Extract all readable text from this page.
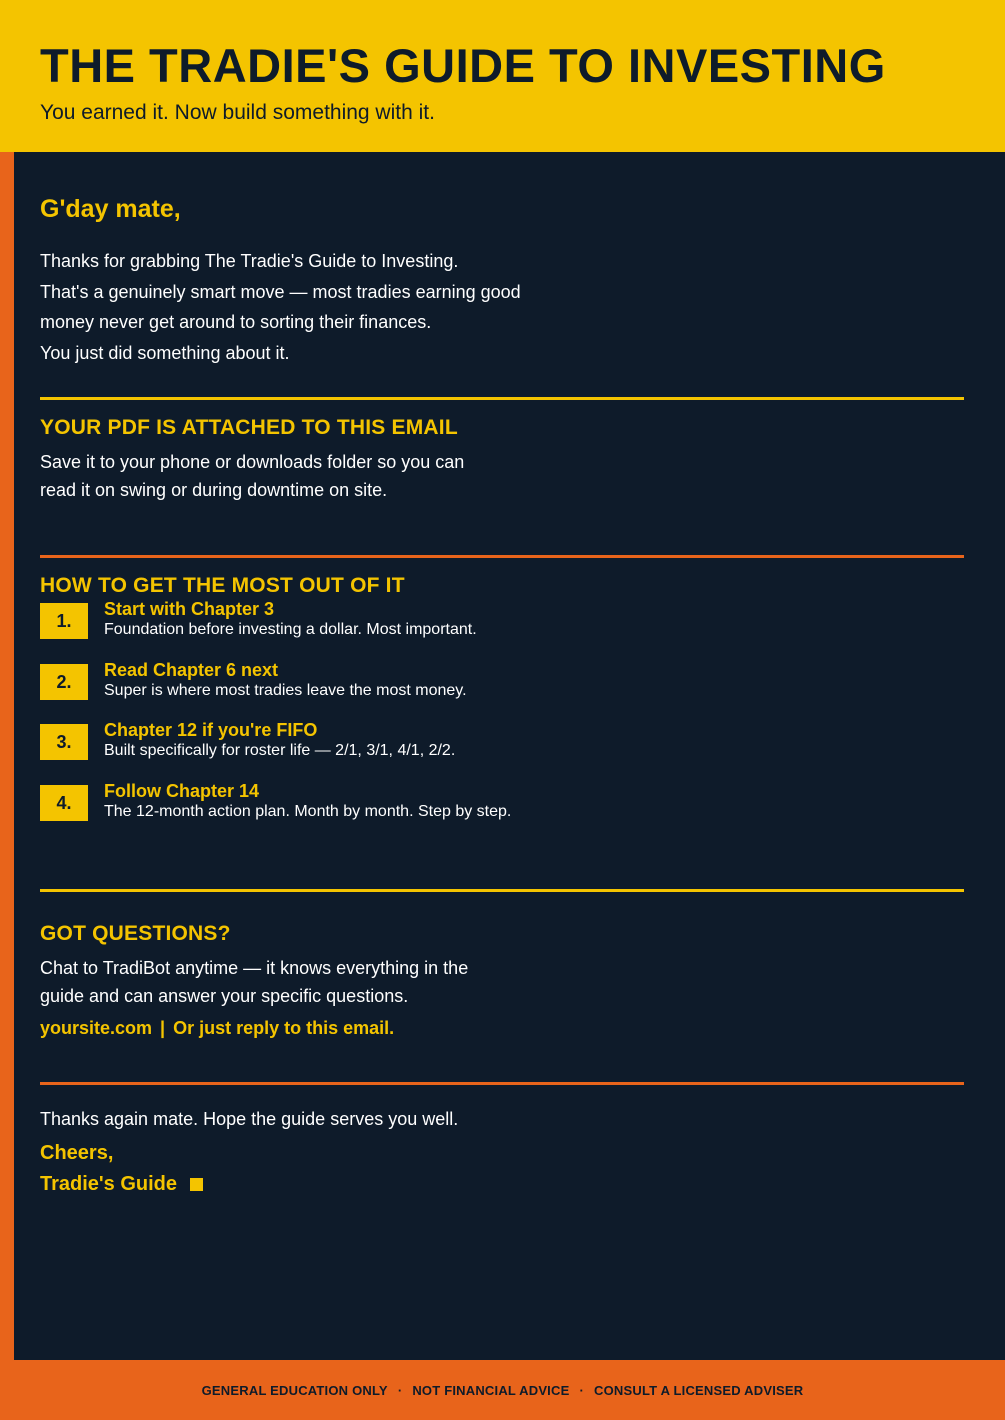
THE TRADIE'S GUIDE TO INVESTING
You earned it. Now build something with it.
G'day mate,
Thanks for grabbing The Tradie's Guide to Investing.
That's a genuinely smart move — most tradies earning good
money never get around to sorting their finances.
You just did something about it.
YOUR PDF IS ATTACHED TO THIS EMAIL
Save it to your phone or downloads folder so you can
read it on swing or during downtime on site.
HOW TO GET THE MOST OUT OF IT
1.
Start with Chapter 3
Foundation before investing a dollar. Most important.
2.
Read Chapter 6 next
Super is where most tradies leave the most money.
3.
Chapter 12 if you're FIFO
Built specifically for roster life — 2/1, 3/1, 4/1, 2/2.
4.
Follow Chapter 14
The 12-month action plan. Month by month. Step by step.
GOT QUESTIONS?
Chat to TradiBot anytime — it knows everything in the
guide and can answer your specific questions.
yoursite.com | Or just reply to this email.
Thanks again mate. Hope the guide serves you well.
Cheers,
Tradie's Guide
GENERAL EDUCATION ONLY · NOT FINANCIAL ADVICE · CONSULT A LICENSED ADVISER
